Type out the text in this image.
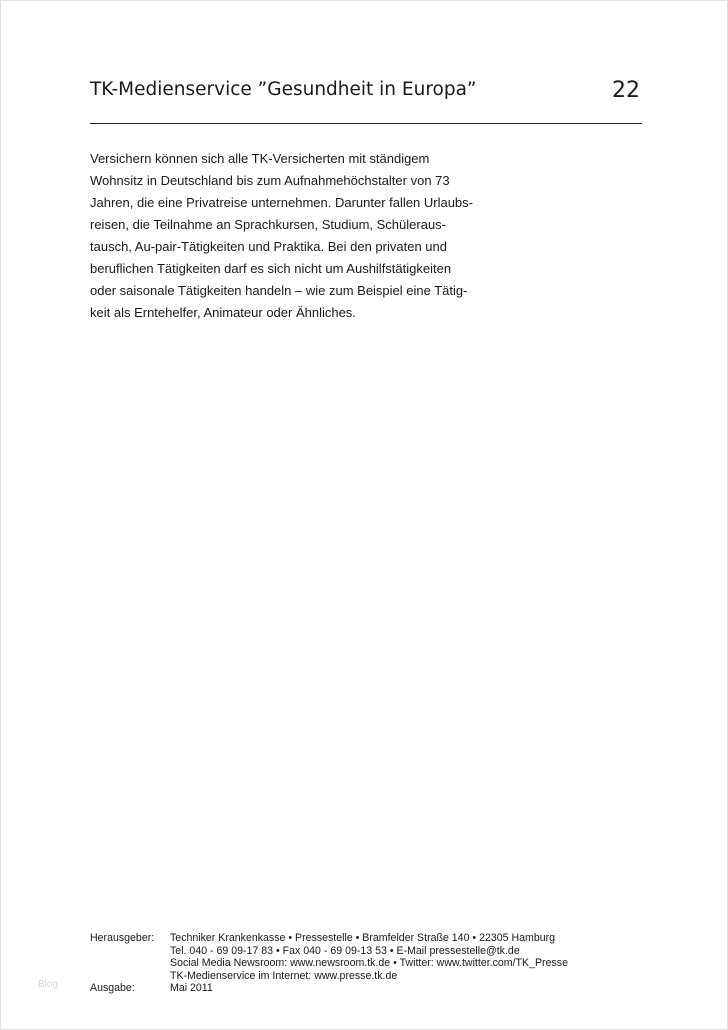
TK-Medienservice ”Gesundheit in Europa”	22
Versichern können sich alle TK-Versicherten mit ständigem
Wohnsitz in Deutschland bis zum Aufnahmehöchstalter von 73
Jahren, die eine Privatreise unternehmen. Darunter fallen Urlaubs-
reisen, die Teilnahme an Sprachkursen, Studium, Schüleraus-
tausch, Au-pair-Tätigkeiten und Praktika. Bei den privaten und
beruflichen Tätigkeiten darf es sich nicht um Aushilfstätigkeiten
oder saisonale Tätigkeiten handeln – wie zum Beispiel eine Tätig-
keit als Erntehelfer, Animateur oder Ähnliches.
Herausgeber: Techniker Krankenkasse • Pressestelle • Bramfelder Straße 140 • 22305 Hamburg
Tel. 040 - 69 09-17 83 • Fax 040 - 69 09-13 53 • E-Mail pressestelle@tk.de
Social Media Newsroom: www.newsroom.tk.de • Twitter: www.twitter.com/TK_Presse
TK-Medienservice im Internet: www.presse.tk.de
Ausgabe:	Mai 2011
Blog
